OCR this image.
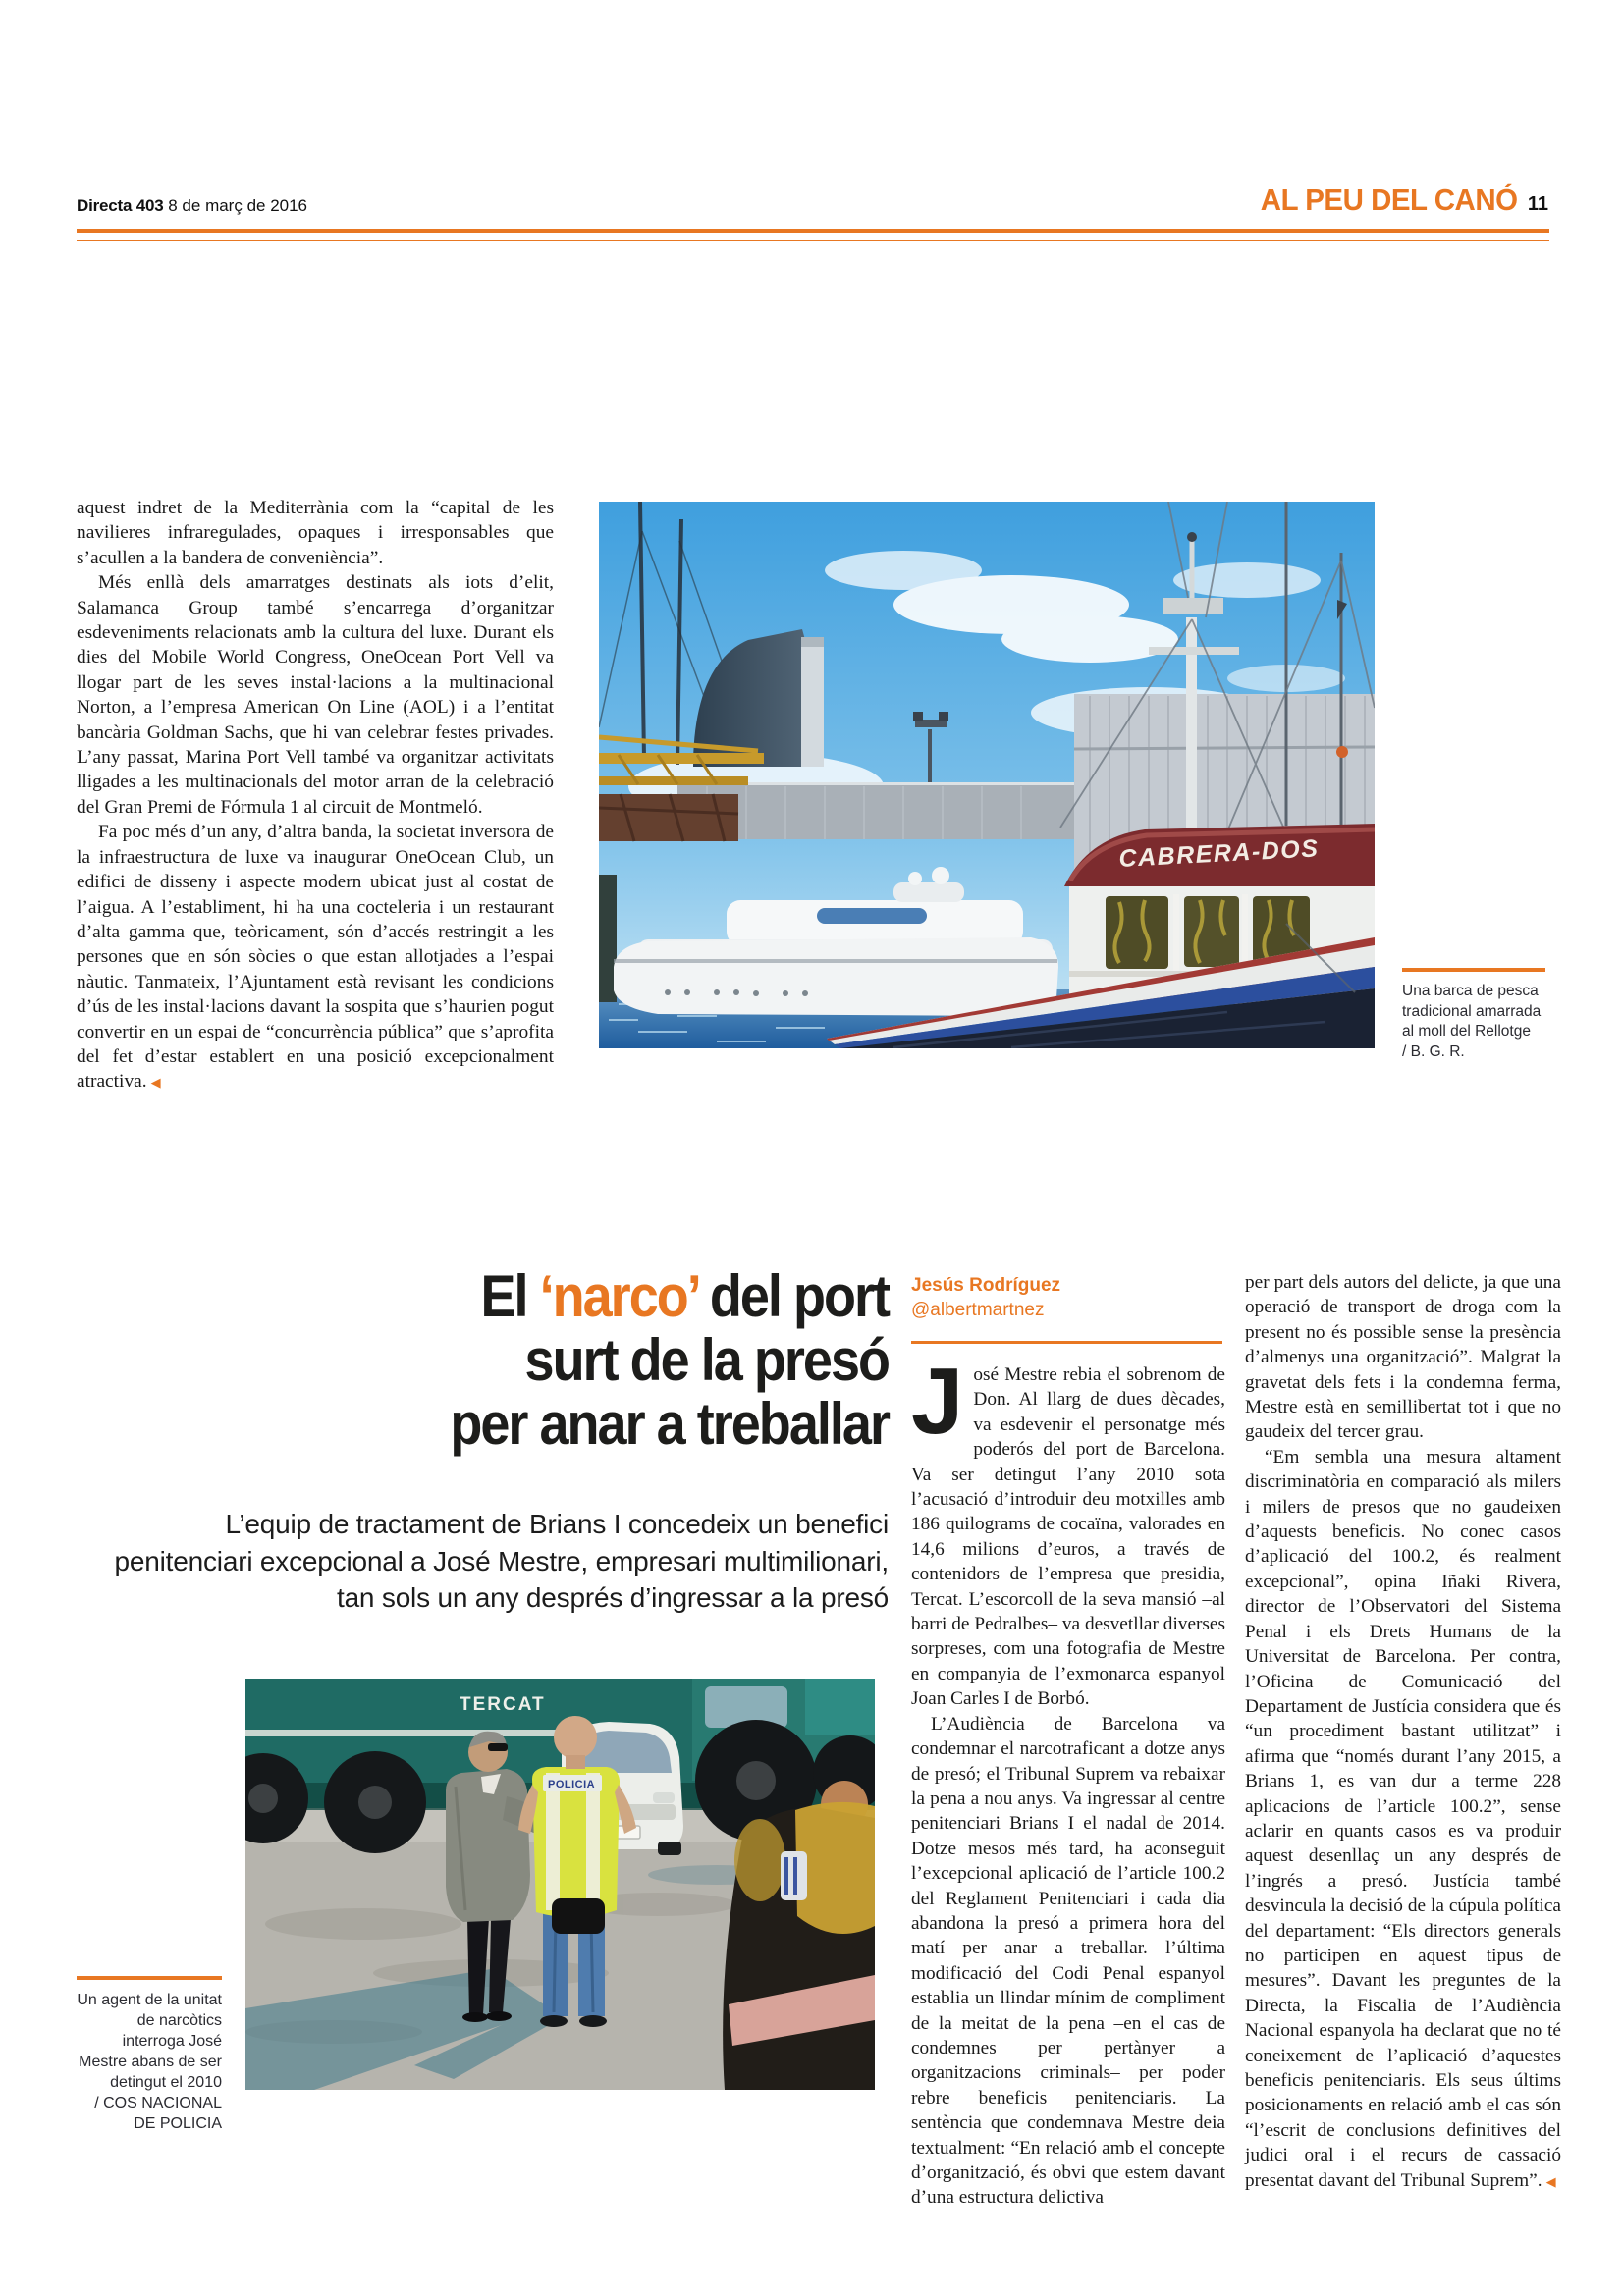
Directa 403 8 de març de 2016	AL PEU DEL CANÓ 11

aquest indret de la Mediterrània com la “capital de les navilieres infraregulades, opaques i irresponsables que s’acullen a la bandera de conveniència”.

Més enllà dels amarratges destinats als iots d’elit, Salamanca Group també s’encarrega d’organitzar esdeveniments relacionats amb la cultura del luxe. Durant els dies del Mobile World Congress, OneOcean Port Vell va llogar part de les seves instal·lacions a la multinacional Norton, a l’empresa American On Line (AOL) i a l’entitat bancària Goldman Sachs, que hi van celebrar festes privades. L’any passat, Marina Port Vell també va organitzar activitats lligades a les multinacionals del motor arran de la celebració del Gran Premi de Fórmula 1 al circuit de Montmeló.

Fa poc més d’un any, d’altra banda, la societat inversora de la infraestructura de luxe va inaugurar OneOcean Club, un edifici de disseny i aspecte modern ubicat just al costat de l’aigua. A l’establiment, hi ha una cocteleria i un restaurant d’alta gamma que, teòricament, són d’accés restringit a les persones que en són sòcies o que estan allotjades a l’espai nàutic. Tanmateix, l’Ajuntament està revisant les condicions d’ús de les instal·lacions davant la sospita que s’haurien pogut convertir en un espai de “concurrència pública” que s’aprofita del fet d’estar establert en una posició excepcionalment atractiva. ◀

CABRERA-DOS
Una barca de pesca tradicional amarrada al moll del Rellotge
/ B. G. R.
El ‘narco’ del port
surt de la presó
per anar a treballar
L’equip de tractament de Brians I concedeix un benefici penitenciari excepcional a José Mestre, empresari multimilionari, tan sols un any després d’ingressar a la presó
Jesús Rodríguez
@albertmartnez

José Mestre rebia el sobrenom de Don. Al llarg de dues dècades, va esdevenir el personatge més poderós del port de Barcelona. Va ser detingut l’any 2010 sota l’acusació d’introduir deu motxilles amb 186 quilograms de cocaïna, valorades en 14,6 milions d’euros, a través de contenidors de l’empresa que presidia, Tercat. L’escorcoll de la seva mansió –al barri de Pedralbes– va desvetllar diverses sorpreses, com una fotografia de Mestre en companyia de l’exmonarca espanyol Joan Carles I de Borbó.

L’Audiència de Barcelona va condemnar el narcotraficant a dotze anys de presó; el Tribunal Suprem va rebaixar la pena a nou anys. Va ingressar al centre penitenciari Brians I el nadal de 2014. Dotze mesos més tard, ha aconseguit l’excepcional aplicació de l’article 100.2 del Reglament Penitenciari i cada dia abandona la presó a primera hora del matí per anar a treballar. l’última modificació del Codi Penal espanyol establia un llindar mínim de compliment de la meitat de la pena –en el cas de condemnes per pertànyer a organitzacions criminals– per poder rebre beneficis penitenciaris. La sentència que condemnava Mestre deia textualment: “En relació amb el concepte d’organització, és obvi que estem davant d’una estructura delictiva

per part dels autors del delicte, ja que una operació de transport de droga com la present no és possible sense la presència d’almenys una organització”. Malgrat la gravetat dels fets i la condemna ferma, Mestre està en semillibertat tot i que no gaudeix del tercer grau.

“Em sembla una mesura altament discriminatòria en comparació als milers i milers de presos que no gaudeixen d’aquests beneficis. No conec casos d’aplicació del 100.2, és realment excepcional”, opina Iñaki Rivera, director de l’Observatori del Sistema Penal i els Drets Humans de la Universitat de Barcelona. Per contra, l’Oficina de Comunicació del Departament de Justícia considera que és “un procediment bastant utilitzat” i afirma que “només durant l’any 2015, a Brians 1, es van dur a terme 228 aplicacions de l’article 100.2”, sense aclarir en quants casos es va produir aquest desenllaç un any després de l’ingrés a presó. Justícia també desvincula la decisió de la cúpula política del departament: “Els directors generals no participen en aquest tipus de mesures”. Davant les preguntes de la Directa, la Fiscalia de l’Audiència Nacional espanyola ha declarat que no té coneixement de l’aplicació d’aquestes beneficis penitenciaris. Els seus últims posicionaments en relació amb el cas són “l’escrit de conclusions definitives del judici oral i el recurs de cassació presentat davant del Tribunal Suprem”. ◀

TERCAT
POLICIA
Un agent de la unitat de narcòtics interroga José Mestre abans de ser detingut el 2010
/ COS NACIONAL DE POLICIA
